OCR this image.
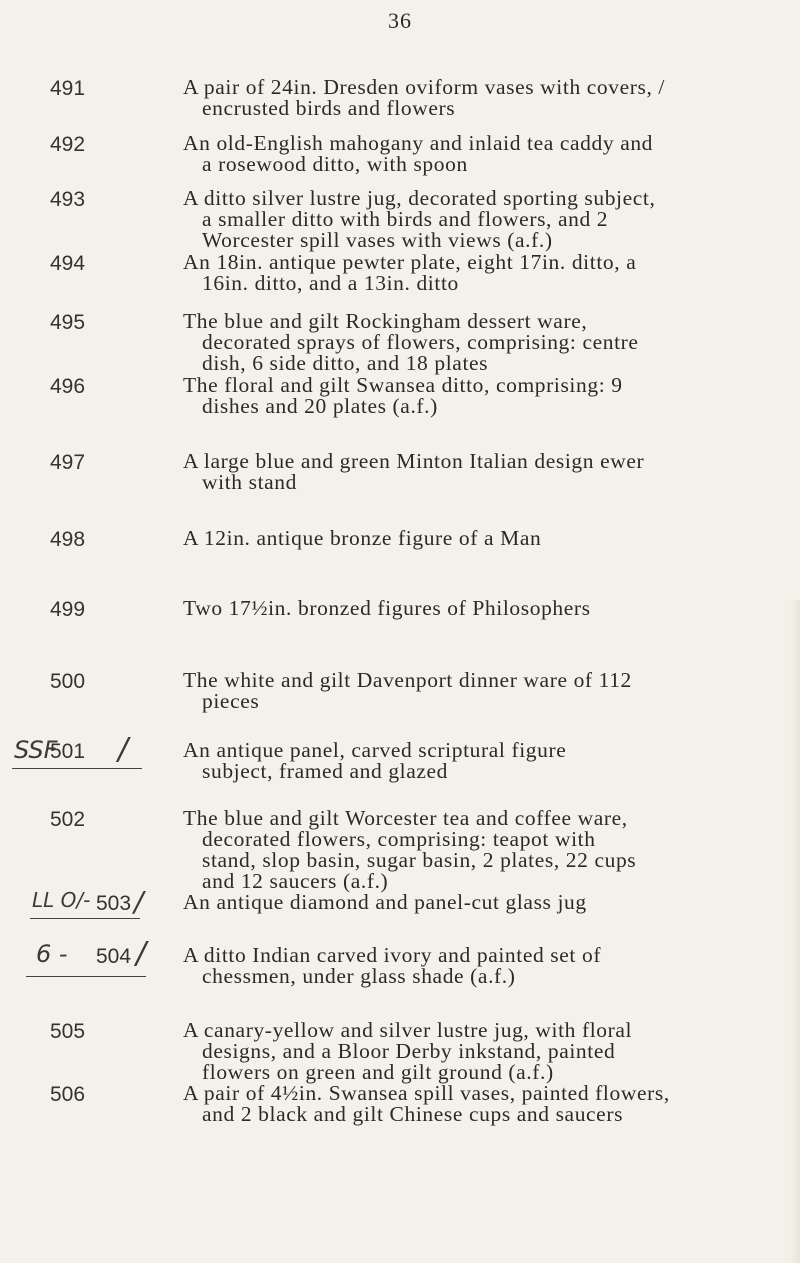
36
491	A pair of 24in. Dresden oviform vases with covers, /
encrusted birds and flowers
492	An old-English mahogany and inlaid tea caddy and
a rosewood ditto, with spoon
493	A ditto silver lustre jug, decorated sporting subject,
a smaller ditto with birds and flowers, and 2
Worcester spill vases with views (a.f.)
494	An 18in. antique pewter plate, eight 17in. ditto, a
16in. ditto, and a 13in. ditto
495	The blue and gilt Rockingham dessert ware,
decorated sprays of flowers, comprising: centre
dish, 6 side ditto, and 18 plates
496	The floral and gilt Swansea ditto, comprising: 9
dishes and 20 plates (a.f.)
497	A large blue and green Minton Italian design ewer
with stand
498	A 12in. antique bronze figure of a Man
499	Two 17½in. bronzed figures of Philosophers
500	The white and gilt Davenport dinner ware of 112
pieces
SSF
501	/	An antique panel, carved scriptural figure
subject, framed and glazed
502	The blue and gilt Worcester tea and coffee ware,
decorated flowers, comprising: teapot with
stand, slop basin, sugar basin, 2 plates, 22 cups
and 12 saucers (a.f.)
LL O/- 503 / An antique diamond and panel-cut glass jug
6 - 504 / A ditto Indian carved ivory and painted set of
chessmen, under glass shade (a.f.)
505	A canary-yellow and silver lustre jug, with floral
designs, and a Bloor Derby inkstand, painted
flowers on green and gilt ground (a.f.)
506	A pair of 4½in. Swansea spill vases, painted flowers,
and 2 black and gilt Chinese cups and saucers
